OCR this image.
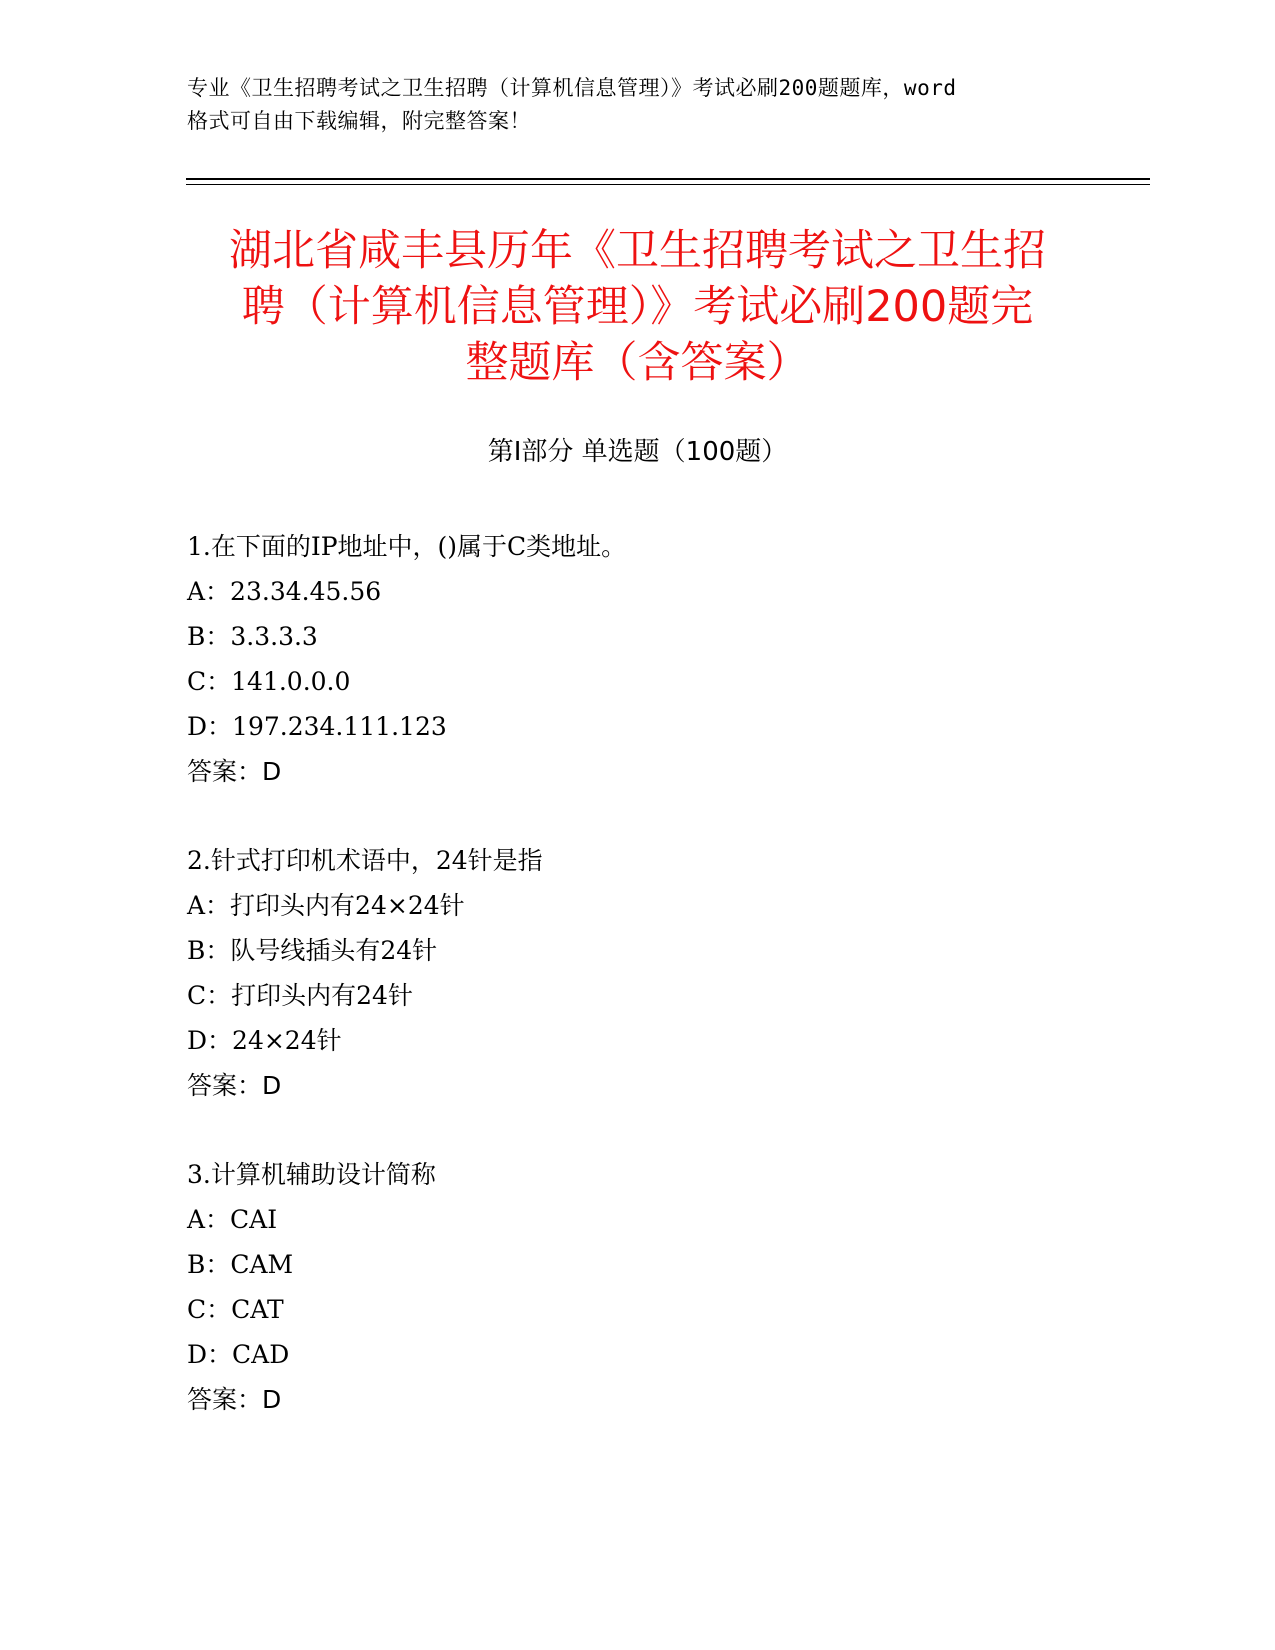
专业《卫生招聘考试之卫生招聘（计算机信息管理）》考试必刷200题题库，word
格式可自由下载编辑，附完整答案！
湖北省咸丰县历年《卫生招聘考试之卫生招
聘（计算机信息管理）》考试必刷200题完
整题库（含答案）
第Ⅰ部分 单选题（100题）
1.在下面的IP地址中，()属于C类地址。
A：23.34.45.56
B：3.3.3.3
C：141.0.0.0
D：197.234.111.123
答案：D
2.针式打印机术语中，24针是指
A：打印头内有24×24针
B：队号线插头有24针
C：打印头内有24针
D：24×24针
答案：D
3.计算机辅助设计简称
A：CAI
B：CAM
C：CAT
D：CAD
答案：D
